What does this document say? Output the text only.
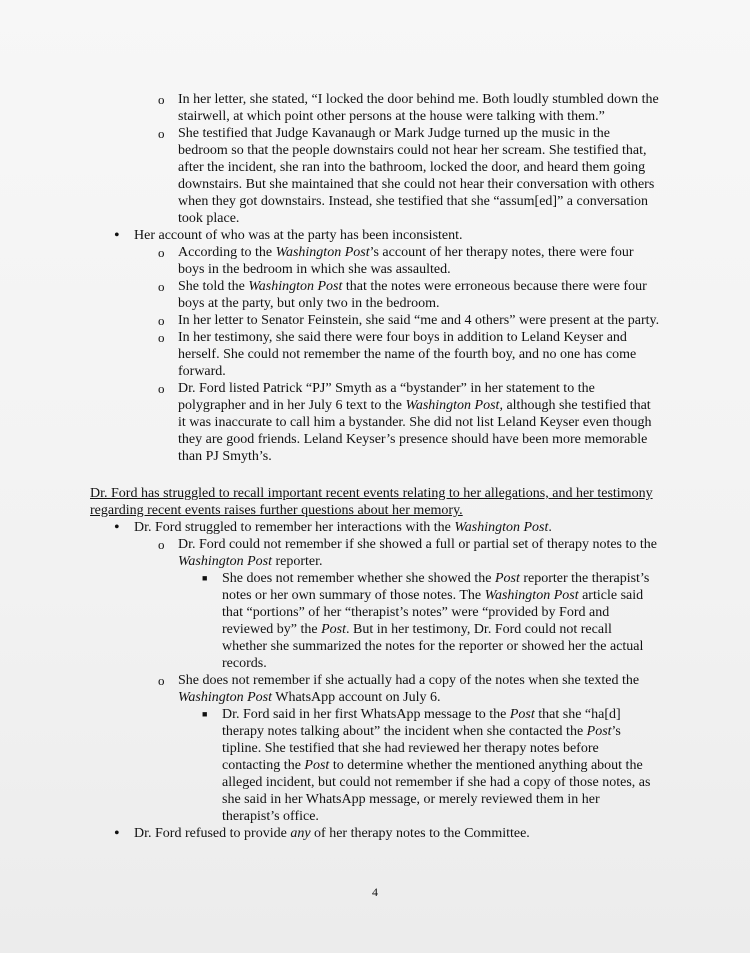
o In her letter, she stated, “I locked the door behind me. Both loudly stumbled down the stairwell, at which point other persons at the house were talking with them.”
o She testified that Judge Kavanaugh or Mark Judge turned up the music in the bedroom so that the people downstairs could not hear her scream. She testified that, after the incident, she ran into the bathroom, locked the door, and heard them going downstairs. But she maintained that she could not hear their conversation with others when they got downstairs. Instead, she testified that she “assum[ed]” a conversation took place.
• Her account of who was at the party has been inconsistent.
o According to the Washington Post’s account of her therapy notes, there were four boys in the bedroom in which she was assaulted.
o She told the Washington Post that the notes were erroneous because there were four boys at the party, but only two in the bedroom.
o In her letter to Senator Feinstein, she said “me and 4 others” were present at the party.
o In her testimony, she said there were four boys in addition to Leland Keyser and herself. She could not remember the name of the fourth boy, and no one has come forward.
o Dr. Ford listed Patrick “PJ” Smyth as a “bystander” in her statement to the polygrapher and in her July 6 text to the Washington Post, although she testified that it was inaccurate to call him a bystander. She did not list Leland Keyser even though they are good friends. Leland Keyser’s presence should have been more memorable than PJ Smyth’s.
Dr. Ford has struggled to recall important recent events relating to her allegations, and her testimony regarding recent events raises further questions about her memory.
• Dr. Ford struggled to remember her interactions with the Washington Post.
o Dr. Ford could not remember if she showed a full or partial set of therapy notes to the Washington Post reporter.
■ She does not remember whether she showed the Post reporter the therapist’s notes or her own summary of those notes. The Washington Post article said that “portions” of her “therapist’s notes” were “provided by Ford and reviewed by” the Post. But in her testimony, Dr. Ford could not recall whether she summarized the notes for the reporter or showed her the actual records.
o She does not remember if she actually had a copy of the notes when she texted the Washington Post WhatsApp account on July 6.
■ Dr. Ford said in her first WhatsApp message to the Post that she “ha[d] therapy notes talking about” the incident when she contacted the Post’s tipline. She testified that she had reviewed her therapy notes before contacting the Post to determine whether the mentioned anything about the alleged incident, but could not remember if she had a copy of those notes, as she said in her WhatsApp message, or merely reviewed them in her therapist’s office.
• Dr. Ford refused to provide any of her therapy notes to the Committee.
4
